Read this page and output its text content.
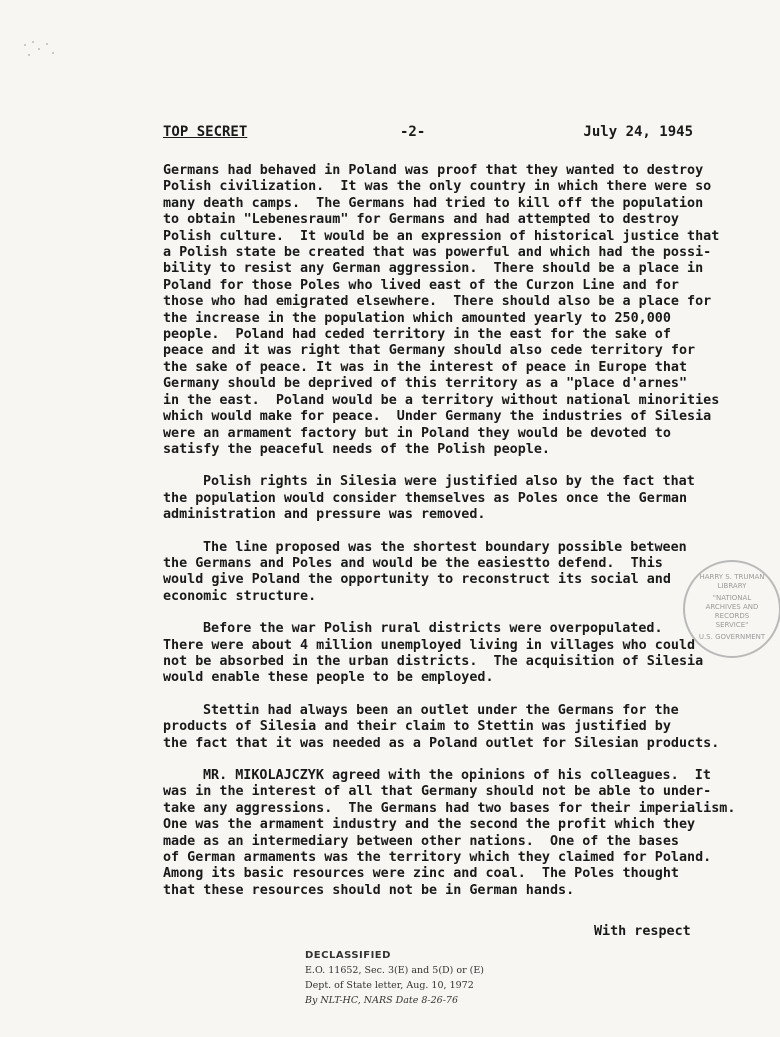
TOP SECRET	-2-	July 24, 1945

Germans had behaved in Poland was proof that they wanted to destroy
Polish civilization.  It was the only country in which there were so
many death camps.  The Germans had tried to kill off the population
to obtain "Lebenesraum" for Germans and had attempted to destroy
Polish culture.  It would be an expression of historical justice that
a Polish state be created that was powerful and which had the possi-
bility to resist any German aggression.  There should be a place in
Poland for those Poles who lived east of the Curzon Line and for
those who had emigrated elsewhere.  There should also be a place for
the increase in the population which amounted yearly to 250,000
people.  Poland had ceded territory in the east for the sake of
peace and it was right that Germany should also cede territory for
the sake of peace. It was in the interest of peace in Europe that
Germany should be deprived of this territory as a "place d'arnes"
in the east.  Poland would be a territory without national minorities
which would make for peace.  Under Germany the industries of Silesia
were an armament factory but in Poland they would be devoted to
satisfy the peaceful needs of the Polish people.

Polish rights in Silesia were justified also by the fact that
the population would consider themselves as Poles once the German
administration and pressure was removed.

The line proposed was the shortest boundary possible between
the Germans and Poles and would be the easiestto defend.  This
would give Poland the opportunity to reconstruct its social and
economic structure.

Before the war Polish rural districts were overpopulated.
There were about 4 million unemployed living in villages who could
not be absorbed in the urban districts.  The acquisition of Silesia
would enable these people to be employed.

Stettin had always been an outlet under the Germans for the
products of Silesia and their claim to Stettin was justified by
the fact that it was needed as a Poland outlet for Silesian products.

MR. MIKOLAJCZYK agreed with the opinions of his colleagues.  It
was in the interest of all that Germany should not be able to under-
take any aggressions.  The Germans had two bases for their imperialism.
One was the armament industry and the second the profit which they
made as an intermediary between other nations.  One of the bases
of German armaments was the territory which they claimed for Poland.
Among its basic resources were zinc and coal.  The Poles thought
that these resources should not be in German hands.

With respect
HARRY S. TRUMAN LIBRARY
"NATIONAL
ARCHIVES AND
RECORDS
SERVICE"
U.S. GOVERNMENT
DECLASSIFIED
E.O. 11652, Sec. 3(E) and 5(D) or (E)
Dept. of State letter, Aug. 10, 1972
By NLT-HC, NARS Date 8-26-76
